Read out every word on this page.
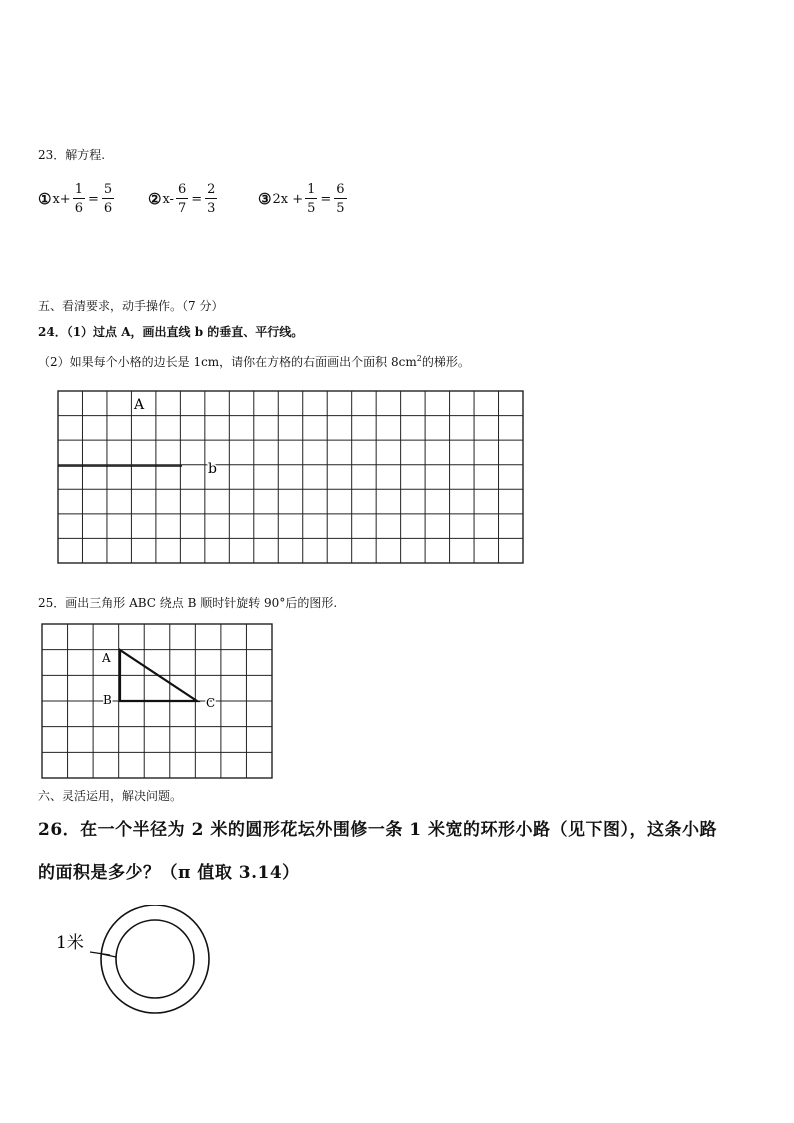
23．解方程.
① $x+ \frac{1}{6} = \frac{5}{6}$ ② $x- \frac{6}{7} = \frac{2}{3}$	③ $2x + \frac{1}{5} = \frac{6}{5}$
五、看清要求，动手操作。（7 分）
24．（1）过点 A，画出直线 b 的垂直、平行线。
（2）如果每个小格的边长是 1cm，请你在方格的右面画出个面积 $8cm^2$的梯形。
A
b
25．画出三角形 ABC 绕点 B 顺时针旋转 90°后的图形.
A
B	C
六、灵活运用，解决问题。
26．在一个半径为 2 米的圆形花坛外围修一条 1 米宽的环形小路（见下图），这条小路
的面积是多少？（π 值取 3.14）
1米
